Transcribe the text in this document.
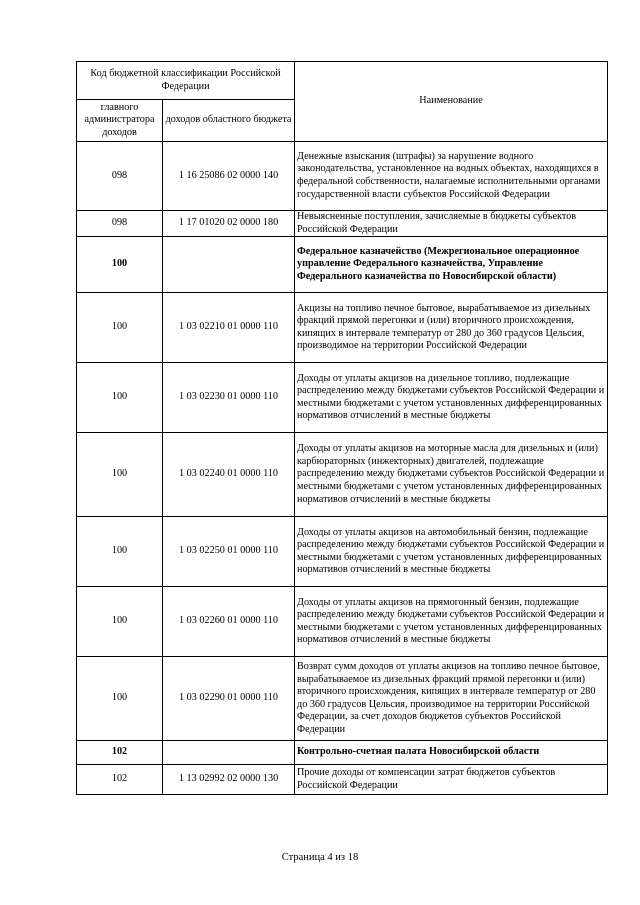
Код бюджетной классификации Российской Федерации		Наименование
главного администратора доходов	доходов областного бюджета	
098	1 16 25086 02 0000 140	Денежные взыскания (штрафы) за нарушение водного законодательства, установленное на водных объектах, находящихся в федеральной собственности, налагаемые исполнительными органами государственной власти субъектов Российской Федерации
098	1 17 01020 02 0000 180	Невыясненные поступления, зачисляемые в бюджеты субъектов Российской Федерации
100		Федеральное казначейство (Межрегиональное операционное управление Федерального казначейства, Управление Федерального казначейства по Новосибирской области)
100	1 03 02210 01 0000 110	Акцизы на топливо печное бытовое, вырабатываемое из дизельных фракций прямой перегонки и (или) вторичного происхождения, кипящих в интервале температур от 280 до 360 градусов Цельсия, производимое на территории Российской Федерации
100	1 03 02230 01 0000 110	Доходы от уплаты акцизов на дизельное топливо, подлежащие распределению между бюджетами субъектов Российской Федерации и местными бюджетами с учетом установленных дифференцированных нормативов отчислений в местные бюджеты
100	1 03 02240 01 0000 110	Доходы от уплаты акцизов на моторные масла для дизельных и (или) карбюраторных (инжекторных) двигателей, подлежащие распределению между бюджетами субъектов Российской Федерации и местными бюджетами с учетом установленных дифференцированных нормативов отчислений в местные бюджеты
100	1 03 02250 01 0000 110	Доходы от уплаты акцизов на автомобильный бензин, подлежащие распределению между бюджетами субъектов Российской Федерации и местными бюджетами с учетом установленных дифференцированных нормативов отчислений в местные бюджеты
100	1 03 02260 01 0000 110	Доходы от уплаты акцизов на прямогонный бензин, подлежащие распределению между бюджетами субъектов Российской Федерации и местными бюджетами с учетом установленных дифференцированных нормативов отчислений в местные бюджеты
100	1 03 02290 01 0000 110	Возврат сумм доходов от уплаты акцизов на топливо печное бытовое, вырабатываемое из дизельных фракций прямой перегонки и (или) вторичного происхождения, кипящих в интервале температур от 280 до 360 градусов Цельсия, производимое на территории Российской Федерации, за счет доходов бюджетов субъектов Российской Федерации
102		Контрольно-счетная палата Новосибирской области
102	1 13 02992 02 0000 130	Прочие доходы от компенсации затрат бюджетов субъектов Российской Федерации
Страница 4 из 18
